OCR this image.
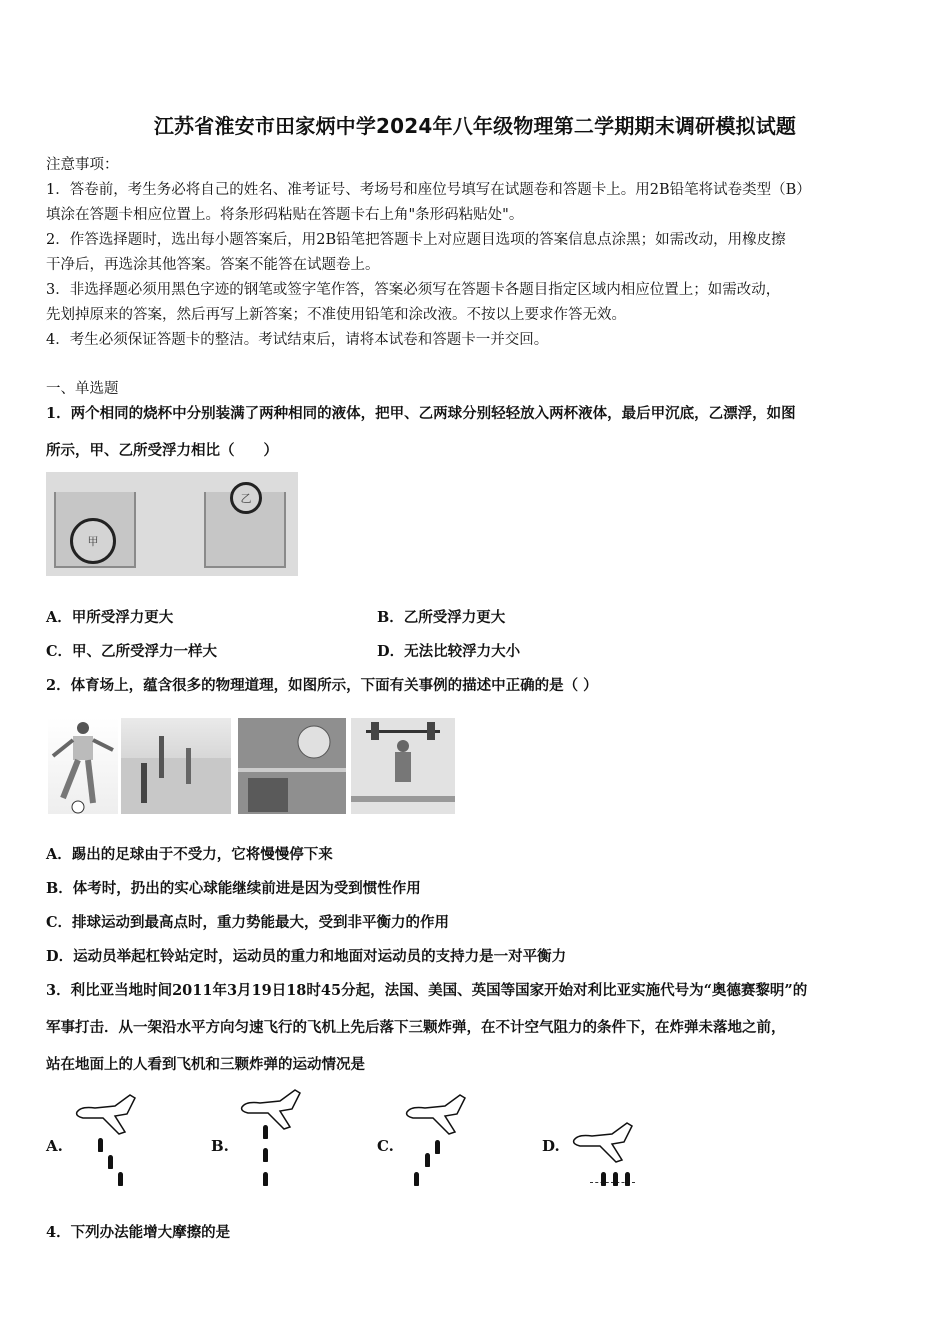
江苏省淮安市田家炳中学2024年八年级物理第二学期期末调研模拟试题
注意事项：
1．答卷前，考生务必将自己的姓名、准考证号、考场号和座位号填写在试题卷和答题卡上。用2B铅笔将试卷类型（B）
填涂在答题卡相应位置上。将条形码粘贴在答题卡右上角"条形码粘贴处"。
2．作答选择题时，选出每小题答案后，用2B铅笔把答题卡上对应题目选项的答案信息点涂黑；如需改动，用橡皮擦
干净后，再选涂其他答案。答案不能答在试题卷上。
3．非选择题必须用黑色字迹的钢笔或签字笔作答，答案必须写在答题卡各题目指定区域内相应位置上；如需改动，
先划掉原来的答案，然后再写上新答案；不准使用铅笔和涂改液。不按以上要求作答无效。
4．考生必须保证答题卡的整洁。考试结束后，请将本试卷和答题卡一并交回。
一、单选题
1．两个相同的烧杯中分别装满了两种相同的液体，把甲、乙两球分别轻轻放入两杯液体，最后甲沉底，乙漂浮，如图
所示，甲、乙所受浮力相比（　　）
甲
乙
A．甲所受浮力更大	B．乙所受浮力更大
C．甲、乙所受浮力一样大	D．无法比较浮力大小
2．体育场上，蕴含很多的物理道理，如图所示，下面有关事例的描述中正确的是（ ）
A．踢出的足球由于不受力，它将慢慢停下来
B．体考时，扔出的实心球能继续前进是因为受到惯性作用
C．排球运动到最高点时，重力势能最大，受到非平衡力的作用
D．运动员举起杠铃站定时，运动员的重力和地面对运动员的支持力是一对平衡力
3．利比亚当地时间2011年3月19日18时45分起，法国、美国、英国等国家开始对利比亚实施代号为“奥德赛黎明”的
军事打击．从一架沿水平方向匀速飞行的飞机上先后落下三颗炸弹，在不计空气阻力的条件下，在炸弹未落地之前，
站在地面上的人看到飞机和三颗炸弹的运动情况是
A.	B.	C.	D.
4．下列办法能增大摩擦的是
